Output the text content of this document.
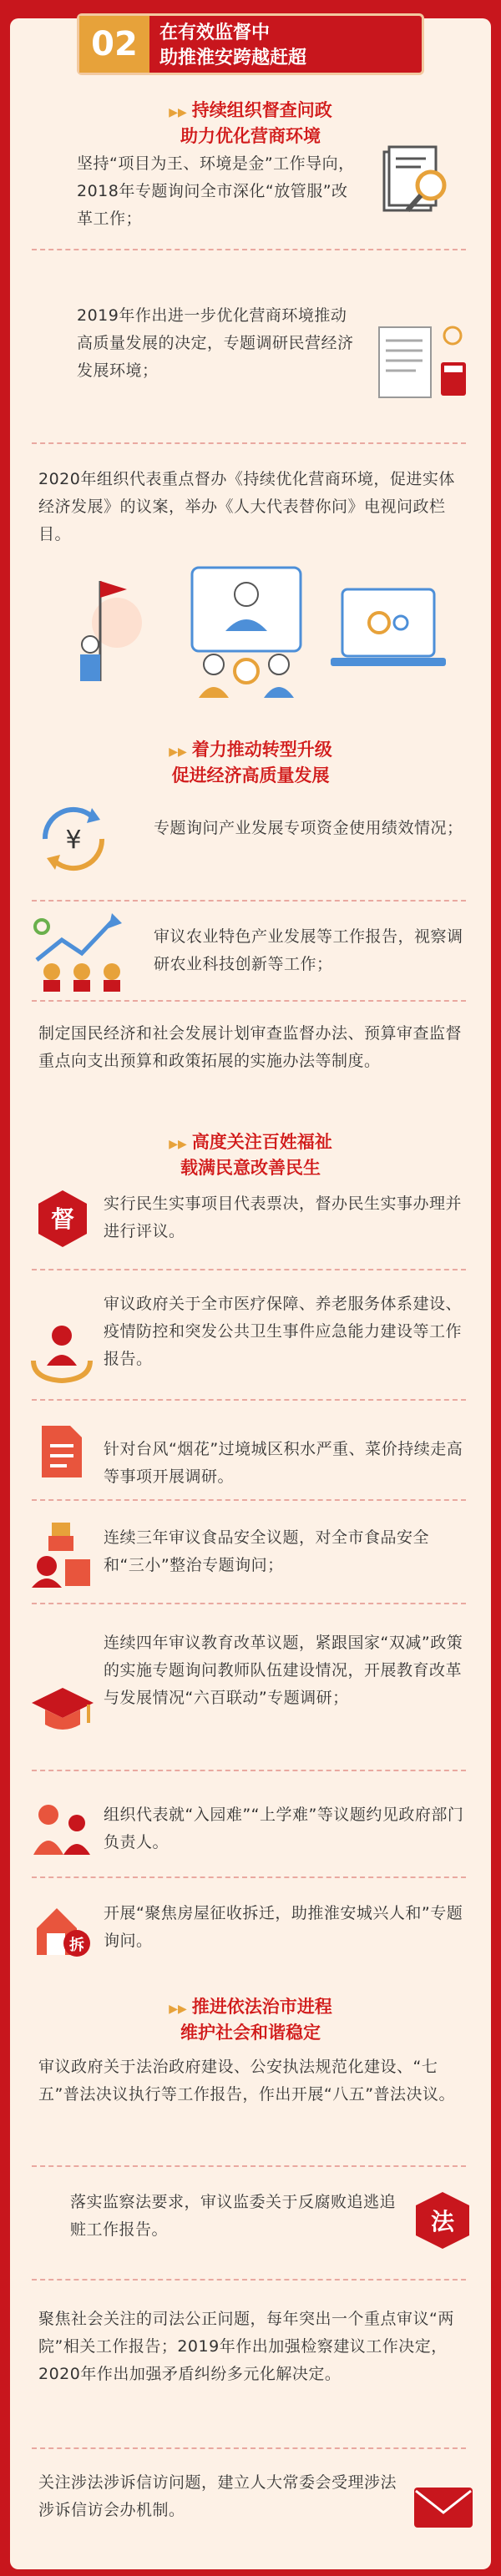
02	在有效监督中
助推淮安跨越赶超
▶▶ 持续组织督查问政
助力优化营商环境
坚持“项目为王、环境是金”工作导向，2018年专题询问全市深化“放管服”改革工作；
2019年作出进一步优化营商环境推动高质量发展的决定，专题调研民营经济发展环境；
2020年组织代表重点督办《持续优化营商环境，促进实体经济发展》的议案，举办《人大代表替你问》电视问政栏目。
▶▶ 着力推动转型升级
促进经济高质量发展
¥	专题询问产业发展专项资金使用绩效情况；
审议农业特色产业发展等工作报告，视察调研农业科技创新等工作；
制定国民经济和社会发展计划审查监督办法、预算审查监督重点向支出预算和政策拓展的实施办法等制度。
▶▶ 高度关注百姓福祉
载满民意改善民生
督
实行民生实事项目代表票决，督办民生实事办理并进行评议。
审议政府关于全市医疗保障、养老服务体系建设、疫情防控和突发公共卫生事件应急能力建设等工作报告。
针对台风“烟花”过境城区积水严重、菜价持续走高等事项开展调研。
连续三年审议食品安全议题，对全市食品安全和“三小”整治专题询问；
连续四年审议教育改革议题，紧跟国家“双减”政策的实施专题询问教师队伍建设情况，开展教育改革与发展情况“六百联动”专题调研；
组织代表就“入园难”“上学难”等议题约见政府部门负责人。
拆
开展“聚焦房屋征收拆迁，助推淮安城兴人和”专题询问。
▶▶ 推进依法治市进程
维护社会和谐稳定
审议政府关于法治政府建设、公安执法规范化建设、“七五”普法决议执行等工作报告，作出开展“八五”普法决议。
落实监察法要求，审议监委关于反腐败追逃追赃工作报告。	法
聚焦社会关注的司法公正问题，每年突出一个重点审议“两院”相关工作报告；2019年作出加强检察建议工作决定，2020年作出加强矛盾纠纷多元化解决定。
关注涉法涉诉信访问题，建立人大常委会受理涉法涉诉信访会办机制。
